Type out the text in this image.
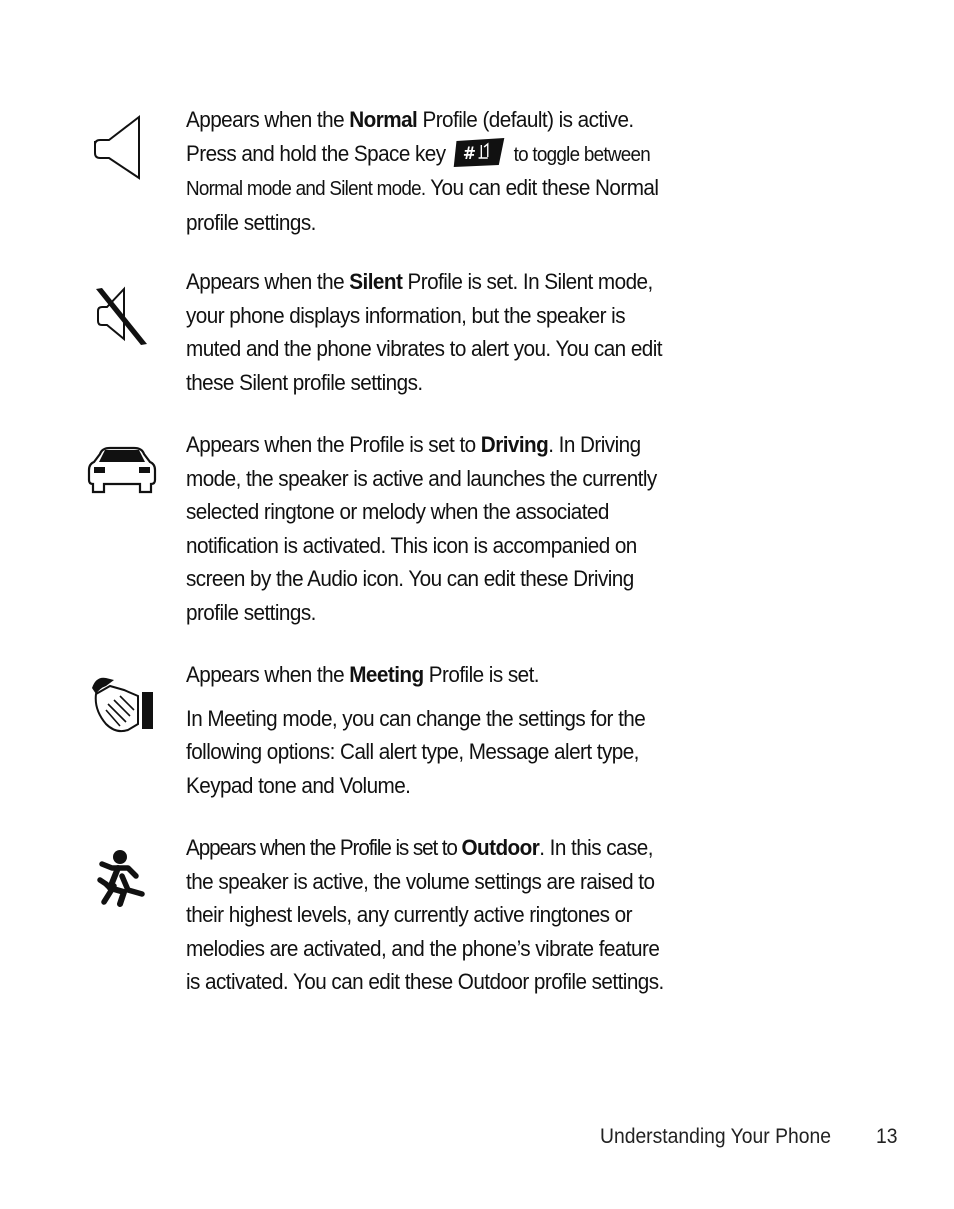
Appears when the Normal Profile (default) is active.
Press and hold the Space key # to toggle between
Normal mode and Silent mode. You can edit these Normal
profile settings.

Appears when the Silent Profile is set. In Silent mode,
your phone displays information, but the speaker is
muted and the phone vibrates to alert you. You can edit
these Silent profile settings.

Appears when the Profile is set to Driving. In Driving
mode, the speaker is active and launches the currently
selected ringtone or melody when the associated
notification is activated. This icon is accompanied on
screen by the Audio icon. You can edit these Driving
profile settings.

Appears when the Meeting Profile is set.

In Meeting mode, you can change the settings for the
following options: Call alert type, Message alert type,
Keypad tone and Volume.

Appears when the Profile is set to Outdoor. In this case,
the speaker is active, the volume settings are raised to
their highest levels, any currently active ringtones or
melodies are activated, and the phone’s vibrate feature
is activated. You can edit these Outdoor profile settings.

Understanding Your Phone 13
